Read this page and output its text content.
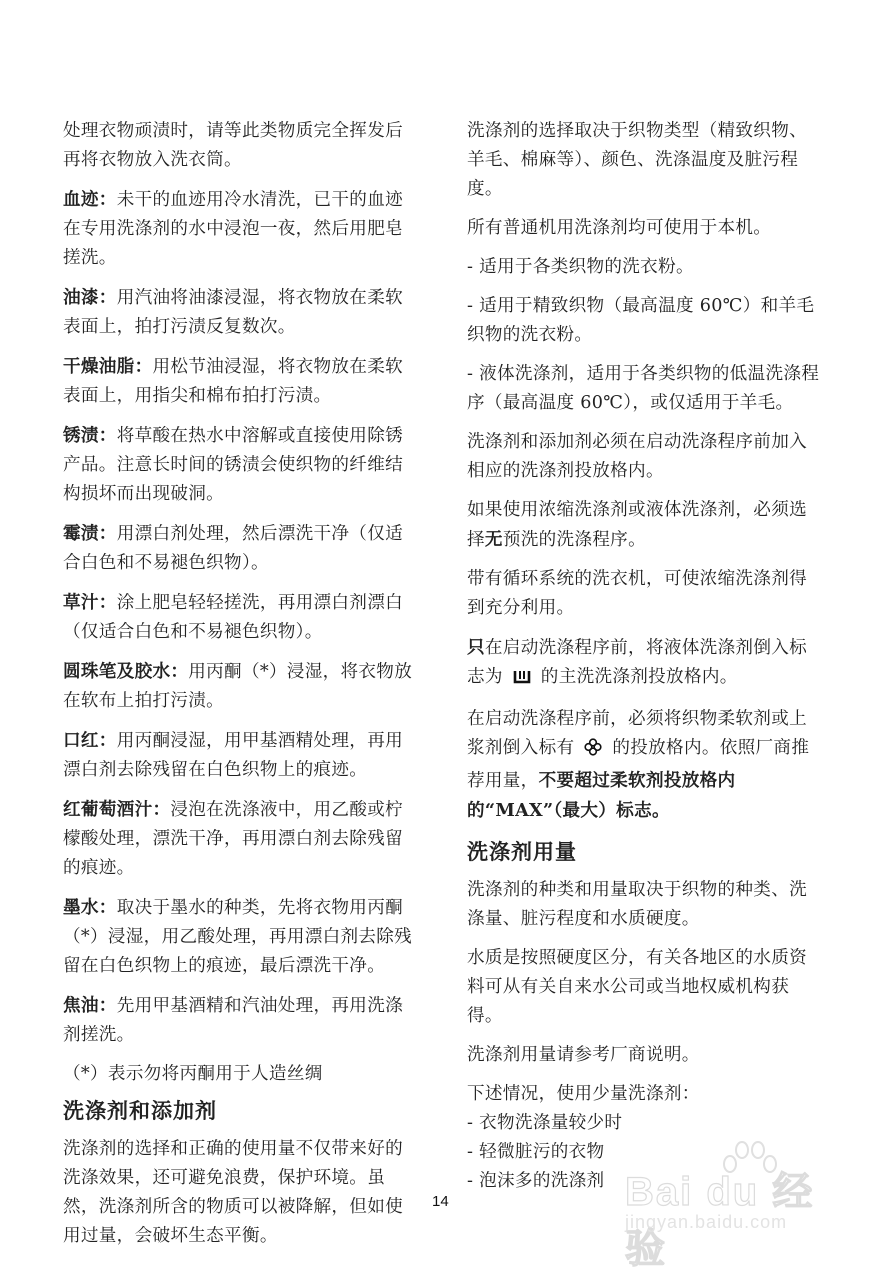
处理衣物顽渍时，请等此类物质完全挥发后再将衣物放入洗衣筒。

血迹：未干的血迹用冷水清洗，已干的血迹在专用洗涤剂的水中浸泡一夜，然后用肥皂搓洗。

油漆：用汽油将油漆浸湿，将衣物放在柔软表面上，拍打污渍反复数次。

干燥油脂：用松节油浸湿，将衣物放在柔软表面上，用指尖和棉布拍打污渍。

锈渍：将草酸在热水中溶解或直接使用除锈产品。注意长时间的锈渍会使织物的纤维结构损坏而出现破洞。

霉渍：用漂白剂处理，然后漂洗干净（仅适合白色和不易褪色织物）。

草汁：涂上肥皂轻轻搓洗，再用漂白剂漂白（仅适合白色和不易褪色织物）。

圆珠笔及胶水：用丙酮（*）浸湿，将衣物放在软布上拍打污渍。

口红：用丙酮浸湿，用甲基酒精处理，再用漂白剂去除残留在白色织物上的痕迹。

红葡萄酒汁：浸泡在洗涤液中，用乙酸或柠檬酸处理，漂洗干净，再用漂白剂去除残留的痕迹。

墨水：取决于墨水的种类，先将衣物用丙酮（*）浸湿，用乙酸处理，再用漂白剂去除残留在白色织物上的痕迹，最后漂洗干净。

焦油：先用甲基酒精和汽油处理，再用洗涤剂搓洗。

（*）表示勿将丙酮用于人造丝绸

洗涤剂和添加剂

洗涤剂的选择和正确的使用量不仅带来好的洗涤效果，还可避免浪费，保护环境。虽然，洗涤剂所含的物质可以被降解，但如使用过量，会破坏生态平衡。

洗涤剂的选择取决于织物类型（精致织物、羊毛、棉麻等）、颜色、洗涤温度及脏污程度。

所有普通机用洗涤剂均可使用于本机。

- 适用于各类织物的洗衣粉。

- 适用于精致织物（最高温度 60℃）和羊毛织物的洗衣粉。

- 液体洗涤剂，适用于各类织物的低温洗涤程序（最高温度 60℃），或仅适用于羊毛。

洗涤剂和添加剂必须在启动洗涤程序前加入相应的洗涤剂投放格内。

如果使用浓缩洗涤剂或液体洗涤剂，必须选择无预洗的洗涤程序。

带有循环系统的洗衣机，可使浓缩洗涤剂得到充分利用。

只在启动洗涤程序前，将液体洗涤剂倒入标志为 的主洗洗涤剂投放格内。

在启动洗涤程序前，必须将织物柔软剂或上浆剂倒入标有 的投放格内。依照厂商推荐用量，不要超过柔软剂投放格内的“MAX”（最大）标志。

洗涤剂用量

洗涤剂的种类和用量取决于织物的种类、洗涤量、脏污程度和水质硬度。

水质是按照硬度区分，有关各地区的水质资料可从有关自来水公司或当地权威机构获得。

洗涤剂用量请参考厂商说明。

下述情况，使用少量洗涤剂：

- 衣物洗涤量较少时

- 轻微脏污的衣物

- 泡沫多的洗涤剂

14	Bai du 经验
jingyan.baidu.com
